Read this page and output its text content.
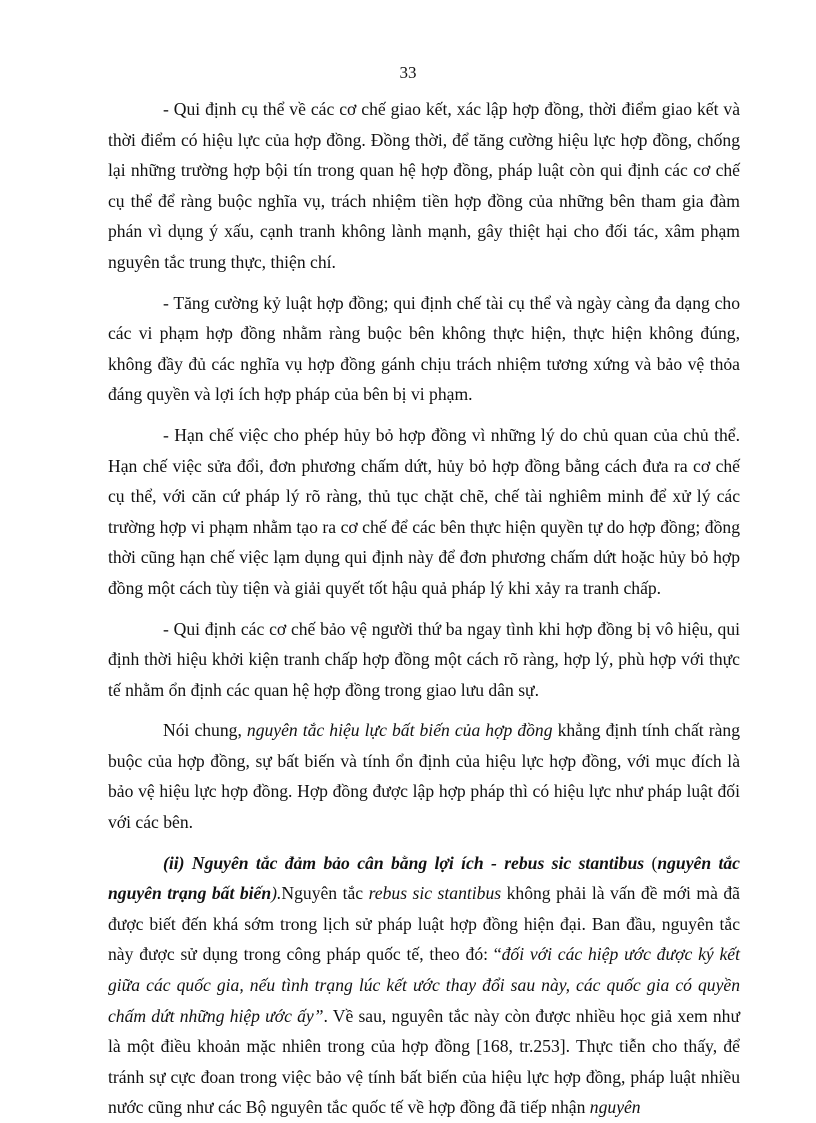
33

- Qui định cụ thể về các cơ chế giao kết, xác lập hợp đồng, thời điểm giao kết và thời điểm có hiệu lực của hợp đồng. Đồng thời, để tăng cường hiệu lực hợp đồng, chống lại những trường hợp bội tín trong quan hệ hợp đồng, pháp luật còn qui định các cơ chế cụ thể để ràng buộc nghĩa vụ, trách nhiệm tiền hợp đồng của những bên tham gia đàm phán vì dụng ý xấu, cạnh tranh không lành mạnh, gây thiệt hại cho đối tác, xâm phạm nguyên tắc trung thực, thiện chí.

- Tăng cường kỷ luật hợp đồng; qui định chế tài cụ thể và ngày càng đa dạng cho các vi phạm hợp đồng nhằm ràng buộc bên không thực hiện, thực hiện không đúng, không đầy đủ các nghĩa vụ hợp đồng gánh chịu trách nhiệm tương xứng và bảo vệ thỏa đáng quyền và lợi ích hợp pháp của bên bị vi phạm.

- Hạn chế việc cho phép hủy bỏ hợp đồng vì những lý do chủ quan của chủ thể. Hạn chế việc sửa đổi, đơn phương chấm dứt, hủy bỏ hợp đồng bằng cách đưa ra cơ chế cụ thể, với căn cứ pháp lý rõ ràng, thủ tục chặt chẽ, chế tài nghiêm minh để xử lý các trường hợp vi phạm nhằm tạo ra cơ chế để các bên thực hiện quyền tự do hợp đồng; đồng thời cũng hạn chế việc lạm dụng qui định này để đơn phương chấm dứt hoặc hủy bỏ hợp đồng một cách tùy tiện và giải quyết tốt hậu quả pháp lý khi xảy ra tranh chấp.

- Qui định các cơ chế bảo vệ người thứ ba ngay tình khi hợp đồng bị vô hiệu, qui định thời hiệu khởi kiện tranh chấp hợp đồng một cách rõ ràng, hợp lý, phù hợp với thực tế nhằm ổn định các quan hệ hợp đồng trong giao lưu dân sự.

Nói chung, nguyên tắc hiệu lực bất biến của hợp đồng khẳng định tính chất ràng buộc của hợp đồng, sự bất biến và tính ổn định của hiệu lực hợp đồng, với mục đích là bảo vệ hiệu lực hợp đồng. Hợp đồng được lập hợp pháp thì có hiệu lực như pháp luật đối với các bên.

(ii) Nguyên tắc đảm bảo cân bằng lợi ích - rebus sic stantibus (nguyên tắc nguyên trạng bất biến).Nguyên tắc rebus sic stantibus không phải là vấn đề mới mà đã được biết đến khá sớm trong lịch sử pháp luật hợp đồng hiện đại. Ban đầu, nguyên tắc này được sử dụng trong công pháp quốc tế, theo đó: “đối với các hiệp ước được ký kết giữa các quốc gia, nếu tình trạng lúc kết ước thay đổi sau này, các quốc gia có quyền chấm dứt những hiệp ước ấy”. Về sau, nguyên tắc này còn được nhiều học giả xem như là một điều khoản mặc nhiên trong của hợp đồng [168, tr.253]. Thực tiễn cho thấy, để tránh sự cực đoan trong việc bảo vệ tính bất biến của hiệu lực hợp đồng, pháp luật nhiều nước cũng như các Bộ nguyên tắc quốc tế về hợp đồng đã tiếp nhận nguyên
